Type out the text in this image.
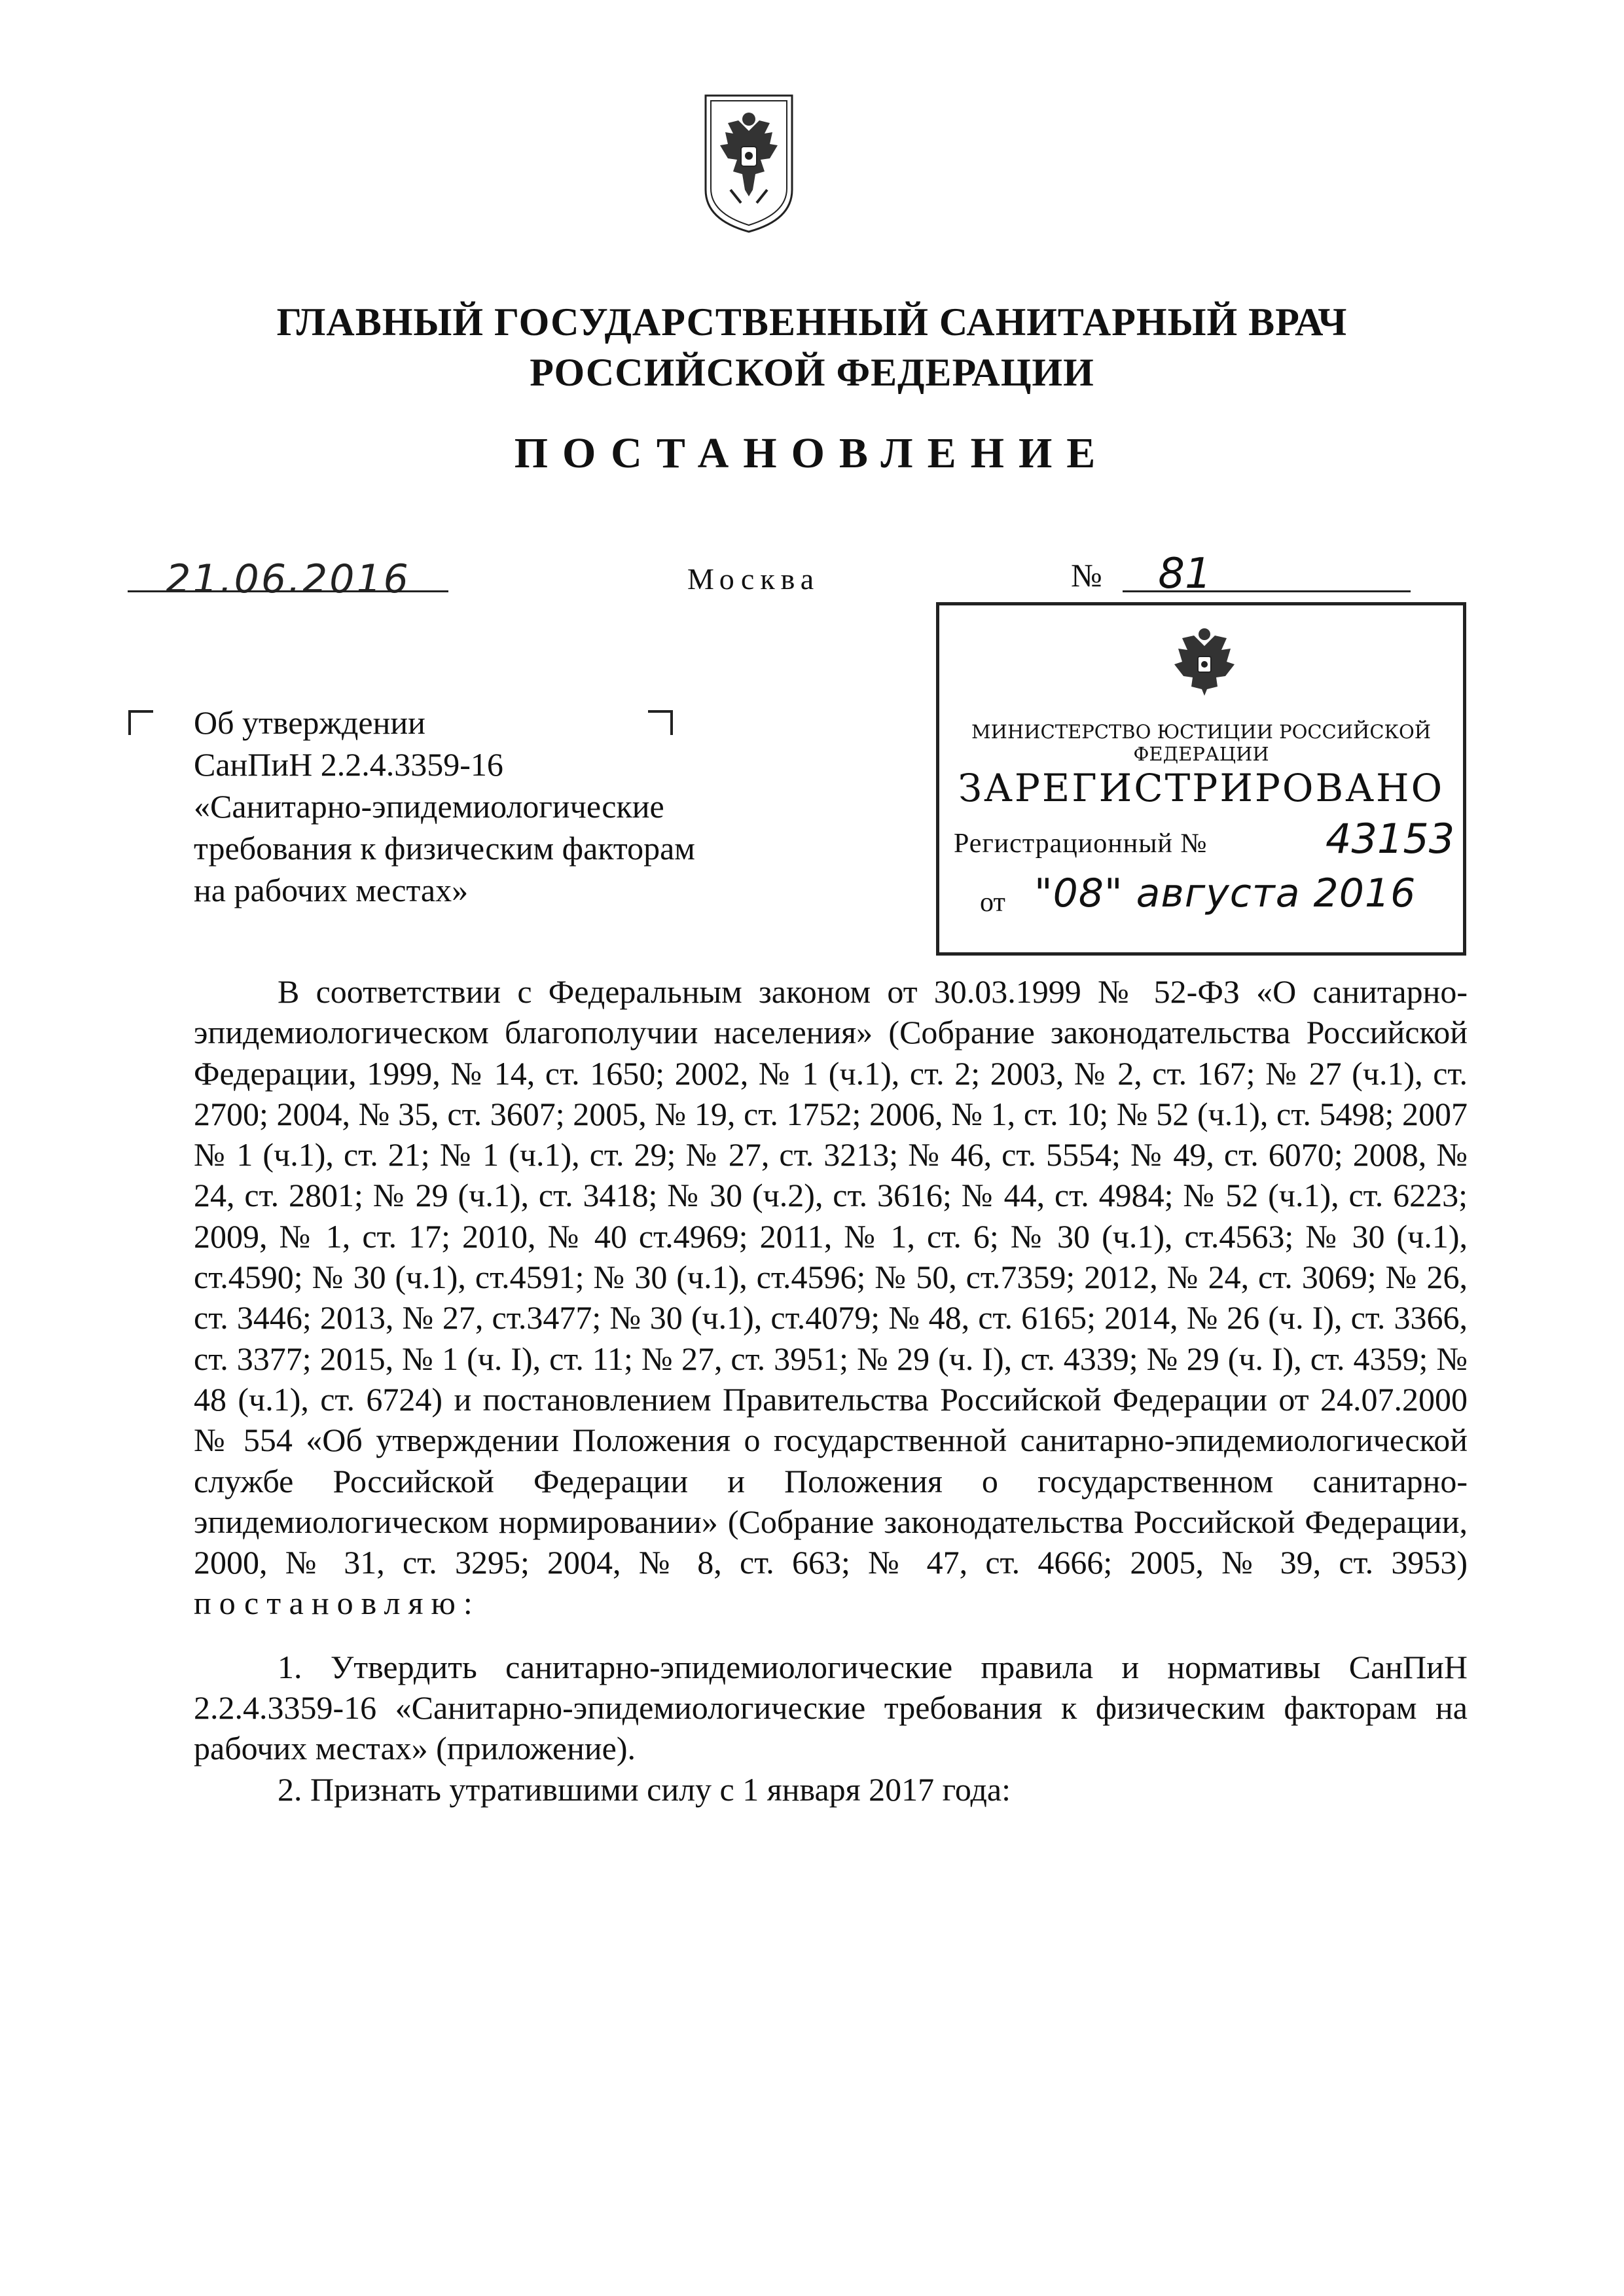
ГЛАВНЫЙ ГОСУДАРСТВЕННЫЙ САНИТАРНЫЙ ВРАЧ
РОССИЙСКОЙ ФЕДЕРАЦИИ
ПОСТАНОВЛЕНИЕ
21.06.2016	Москва	№	81
МИНИСТЕРСТВО ЮСТИЦИИ РОССИЙСКОЙ ФЕДЕРАЦИИ
ЗАРЕГИСТРИРОВАНО
Регистрационный №	43153
от "08" августа 2016
Об утверждении
СанПиН 2.2.4.3359-16
«Санитарно-эпидемиологические
требования к физическим факторам
на рабочих местах»

В соответствии с Федеральным законом от 30.03.1999 № 52-ФЗ «О санитарно-эпидемиологическом благополучии населения» (Собрание законодательства Российской Федерации, 1999, № 14, ст. 1650; 2002, № 1 (ч.1), ст. 2; 2003, № 2, ст. 167; № 27 (ч.1), ст. 2700; 2004, № 35, ст. 3607; 2005, № 19, ст. 1752; 2006, № 1, ст. 10; № 52 (ч.1), ст. 5498; 2007 № 1 (ч.1), ст. 21; № 1 (ч.1), ст. 29; № 27, ст. 3213; № 46, ст. 5554; № 49, ст. 6070; 2008, № 24, ст. 2801; № 29 (ч.1), ст. 3418; № 30 (ч.2), ст. 3616; № 44, ст. 4984; № 52 (ч.1), ст. 6223; 2009, № 1, ст. 17; 2010, № 40 ст.4969; 2011, № 1, ст. 6; № 30 (ч.1), ст.4563; № 30 (ч.1), ст.4590; № 30 (ч.1), ст.4591; № 30 (ч.1), ст.4596; № 50, ст.7359; 2012, № 24, ст. 3069; № 26, ст. 3446; 2013, № 27, ст.3477; № 30 (ч.1), ст.4079; № 48, ст. 6165; 2014, № 26 (ч. I), ст. 3366, ст. 3377; 2015, № 1 (ч. I), ст. 11; № 27, ст. 3951; № 29 (ч. I), ст. 4339; № 29 (ч. I), ст. 4359; № 48 (ч.1), ст. 6724) и постановлением Правительства Российской Федерации от 24.07.2000 № 554 «Об утверждении Положения о государственной санитарно-эпидемиологической службе Российской Федерации и Положения о государственном санитарно-эпидемиологическом нормировании» (Собрание законодательства Российской Федерации, 2000, № 31, ст. 3295; 2004, № 8, ст. 663; № 47, ст. 4666; 2005, № 39, ст. 3953) постановляю:

1. Утвердить санитарно-эпидемиологические правила и нормативы СанПиН 2.2.4.3359-16 «Санитарно-эпидемиологические требования к физическим факторам на рабочих местах» (приложение).

2. Признать утратившими силу с 1 января 2017 года:
